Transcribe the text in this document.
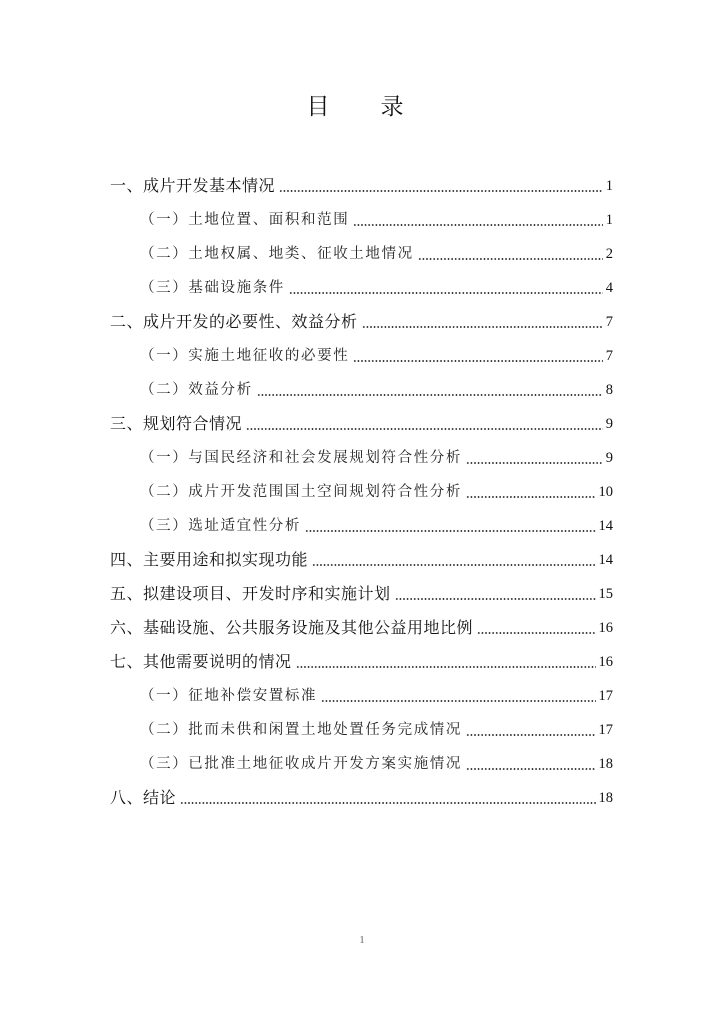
目　录
一、成片开发基本情况	1
（一）土地位置、面积和范围	1
（二）土地权属、地类、征收土地情况	2
（三）基础设施条件	4
二、成片开发的必要性、效益分析	7
（一）实施土地征收的必要性	7
（二）效益分析	8
三、规划符合情况	9
（一）与国民经济和社会发展规划符合性分析	9
（二）成片开发范围国土空间规划符合性分析	10
（三）选址适宜性分析	14
四、主要用途和拟实现功能	14
五、拟建设项目、开发时序和实施计划	15
六、基础设施、公共服务设施及其他公益用地比例	16
七、其他需要说明的情况	16
（一）征地补偿安置标准	17
（二）批而未供和闲置土地处置任务完成情况	17
（三）已批准土地征收成片开发方案实施情况	18
八、结论	18
1
